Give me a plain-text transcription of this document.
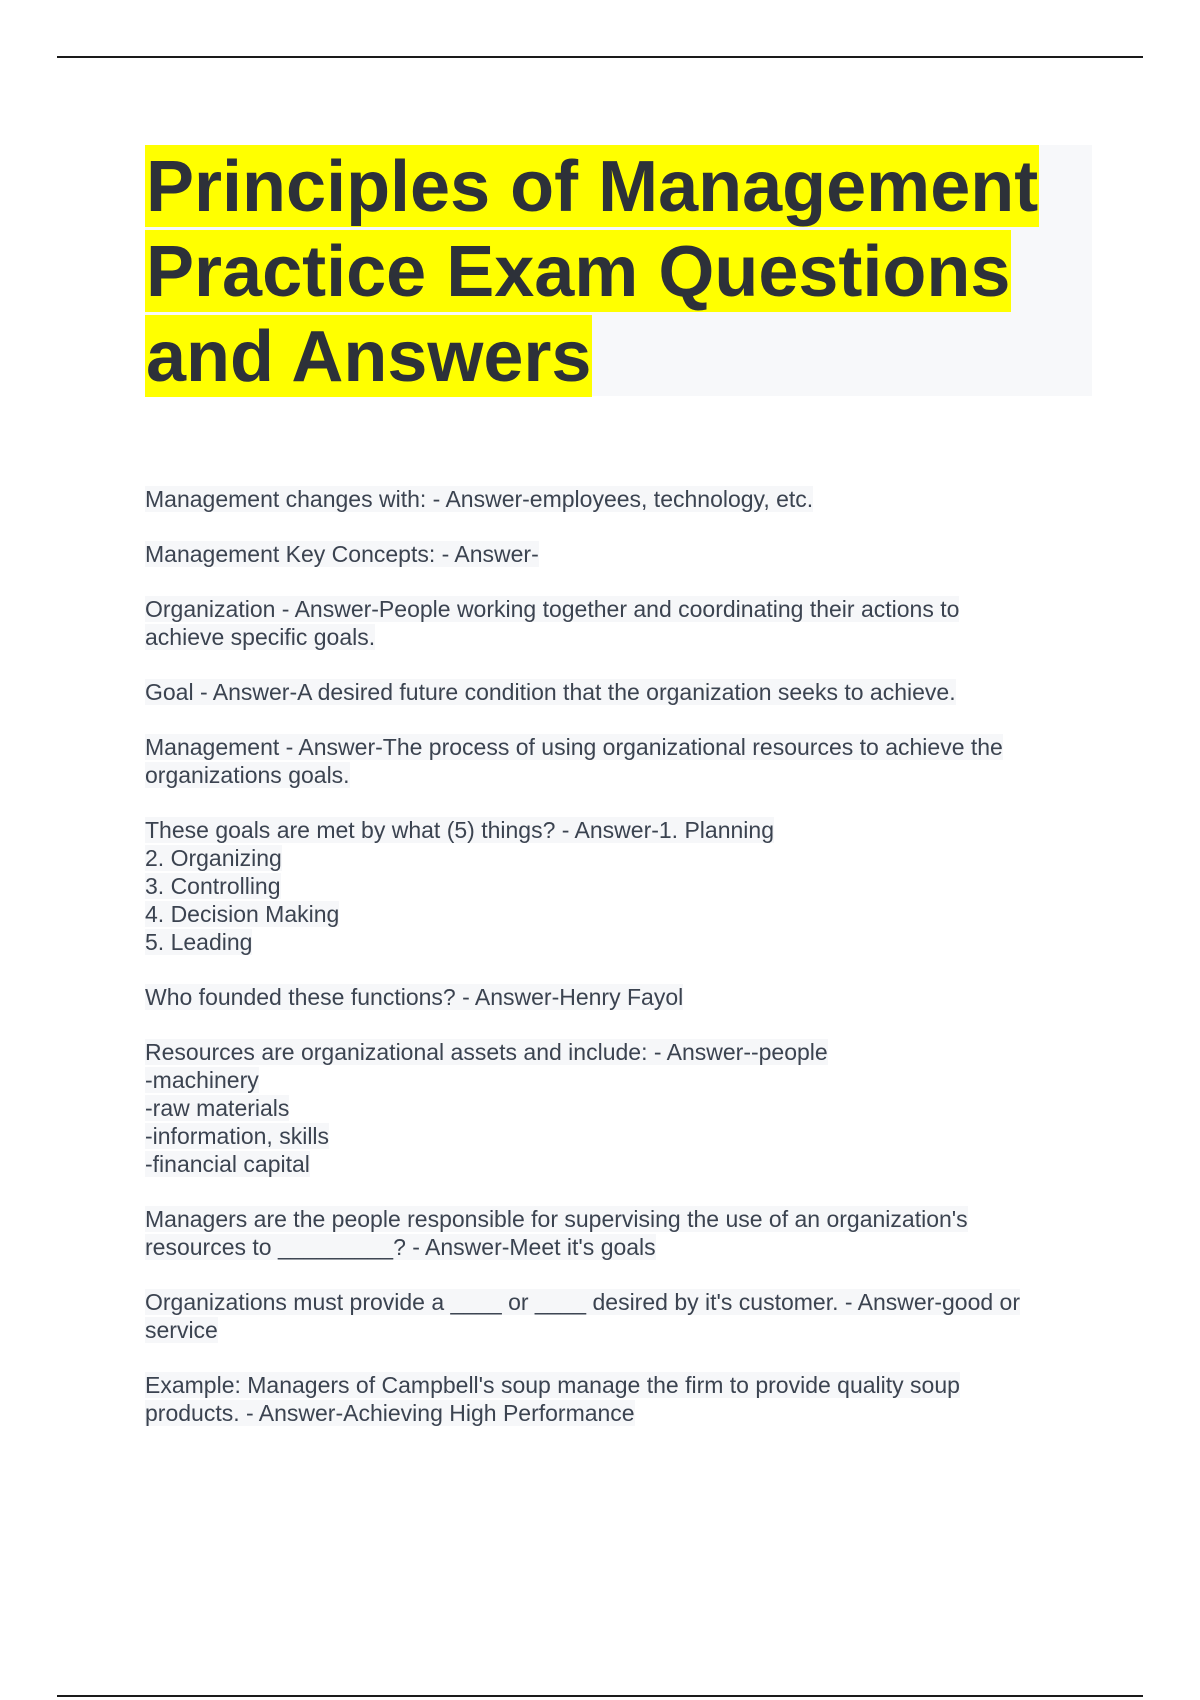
Principles of Management
Practice Exam Questions
and Answers
Management changes with: - Answer-employees, technology, etc.
Management Key Concepts: - Answer-
Organization - Answer-People working together and coordinating their actions to
achieve specific goals.
Goal - Answer-A desired future condition that the organization seeks to achieve.
Management - Answer-The process of using organizational resources to achieve the
organizations goals.
These goals are met by what (5) things? - Answer-1. Planning
2. Organizing
3. Controlling
4. Decision Making
5. Leading
Who founded these functions? - Answer-Henry Fayol
Resources are organizational assets and include: - Answer--people
-machinery
-raw materials
-information, skills
-financial capital
Managers are the people responsible for supervising the use of an organization's
resources to _________? - Answer-Meet it's goals
Organizations must provide a ____ or ____ desired by it's customer. - Answer-good or
service
Example: Managers of Campbell's soup manage the firm to provide quality soup
products. - Answer-Achieving High Performance
